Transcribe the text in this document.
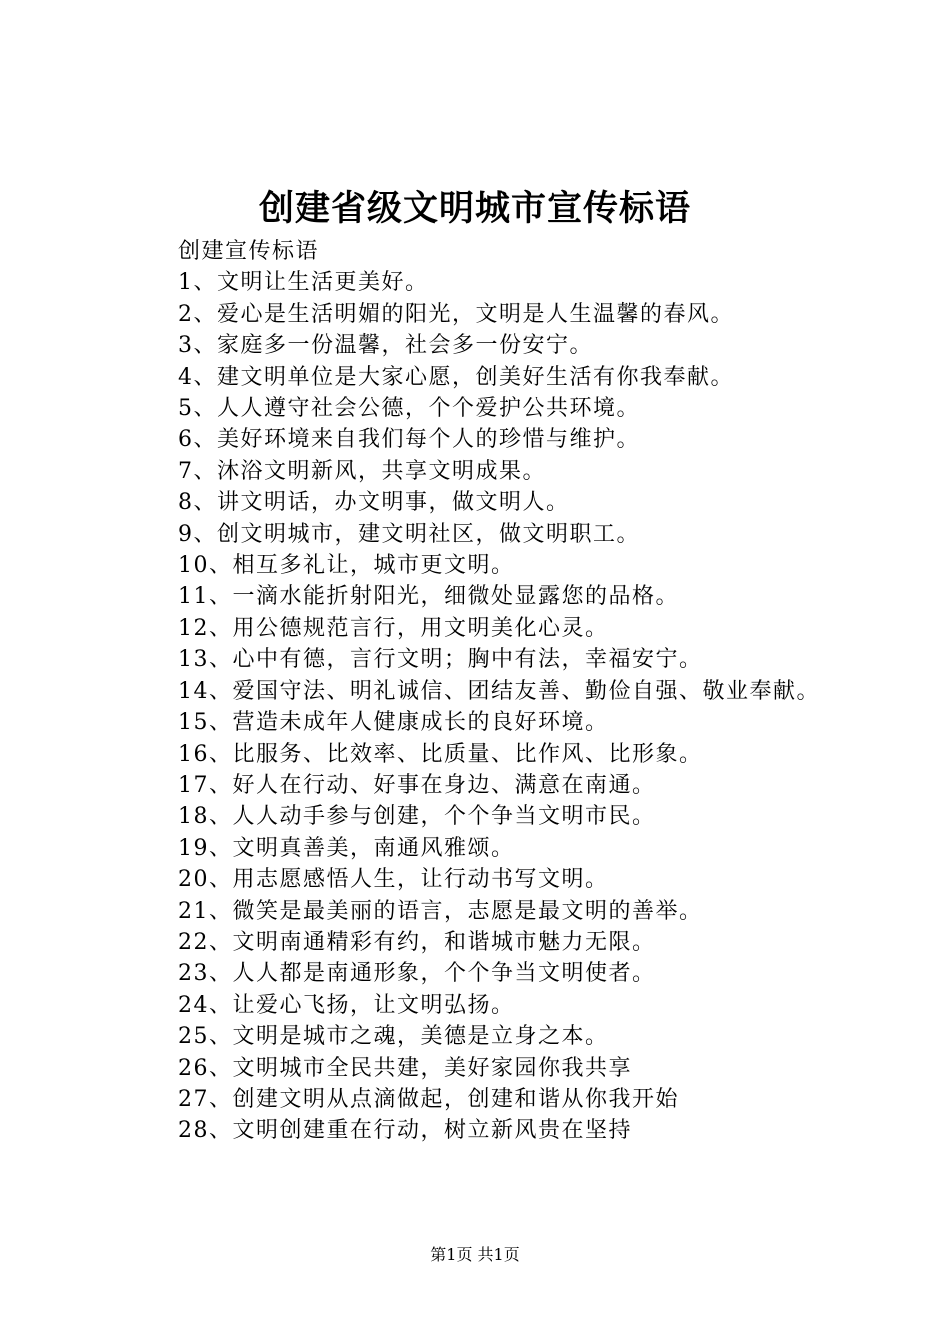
创建省级文明城市宣传标语

创建宣传标语

1、文明让生活更美好。

2、爱心是生活明媚的阳光，文明是人生温馨的春风。

3、家庭多一份温馨，社会多一份安宁。

4、建文明单位是大家心愿，创美好生活有你我奉献。

5、人人遵守社会公德，个个爱护公共环境。

6、美好环境来自我们每个人的珍惜与维护。

7、沐浴文明新风，共享文明成果。

8、讲文明话，办文明事，做文明人。

9、创文明城市，建文明社区，做文明职工。

10、相互多礼让，城市更文明。

11、一滴水能折射阳光，细微处显露您的品格。

12、用公德规范言行，用文明美化心灵。

13、心中有德，言行文明；胸中有法，幸福安宁。

14、爱国守法、明礼诚信、团结友善、勤俭自强、敬业奉献。

15、营造未成年人健康成长的良好环境。

16、比服务、比效率、比质量、比作风、比形象。

17、好人在行动、好事在身边、满意在南通。

18、人人动手参与创建，个个争当文明市民。

19、文明真善美，南通风雅颂。

20、用志愿感悟人生，让行动书写文明。

21、微笑是最美丽的语言，志愿是最文明的善举。

22、文明南通精彩有约，和谐城市魅力无限。

23、人人都是南通形象，个个争当文明使者。

24、让爱心飞扬，让文明弘扬。

25、文明是城市之魂，美德是立身之本。

26、文明城市全民共建，美好家园你我共享

27、创建文明从点滴做起，创建和谐从你我开始

28、文明创建重在行动，树立新风贵在坚持

第1页 共1页
